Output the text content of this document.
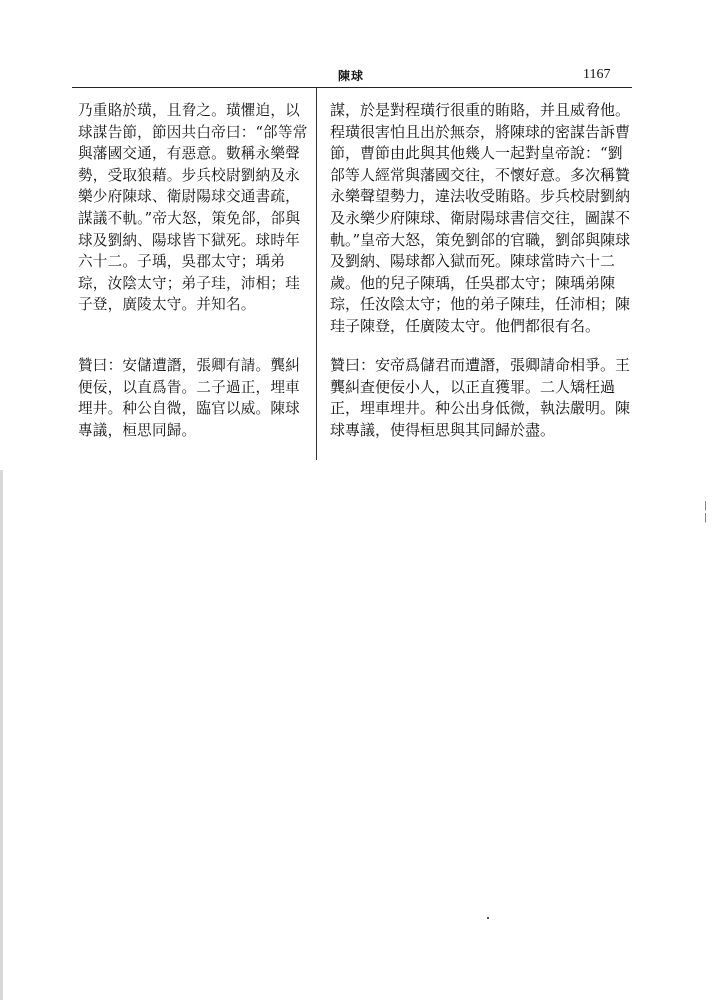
陳球	1167
乃重賂於璜，且脅之。璜懼迫，以球謀告節，節因共白帝曰：“郃等常與藩國交通，有惡意。數稱永樂聲勢，受取狼藉。步兵校尉劉納及永樂少府陳球、衛尉陽球交通書疏，謀議不軌。”帝大怒，策免郃，郃與球及劉納、陽球皆下獄死。球時年六十二。子瑀，吳郡太守；瑀弟琮，汝陰太守；弟子珪，沛相；珪子登，廣陵太守。并知名。
贊曰：安儲遭譖，張卿有請。龔糾便佞，以直爲眚。二子過正，埋車埋井。种公自微，臨官以威。陳球專議，桓思同歸。
謀，於是對程璜行很重的賄賂，并且威脅他。程璜很害怕且出於無奈，將陳球的密謀告訴曹節，曹節由此與其他幾人一起對皇帝說：“劉郃等人經常與藩國交往，不懷好意。多次稱贊永樂聲望勢力，違法收受賄賂。步兵校尉劉納及永樂少府陳球、衛尉陽球書信交往，圖謀不軌。”皇帝大怒，策免劉郃的官職，劉郃與陳球及劉納、陽球都入獄而死。陳球當時六十二歲。他的兒子陳瑀，任吳郡太守；陳瑀弟陳琮，任汝陰太守；他的弟子陳珪，任沛相；陳珪子陳登，任廣陵太守。他們都很有名。
贊曰：安帝爲儲君而遭譖，張卿請命相爭。王龔糾查便佞小人，以正直獲罪。二人矯枉過正，埋車埋井。种公出身低微，執法嚴明。陳球專議，使得桓思與其同歸於盡。
|
|
